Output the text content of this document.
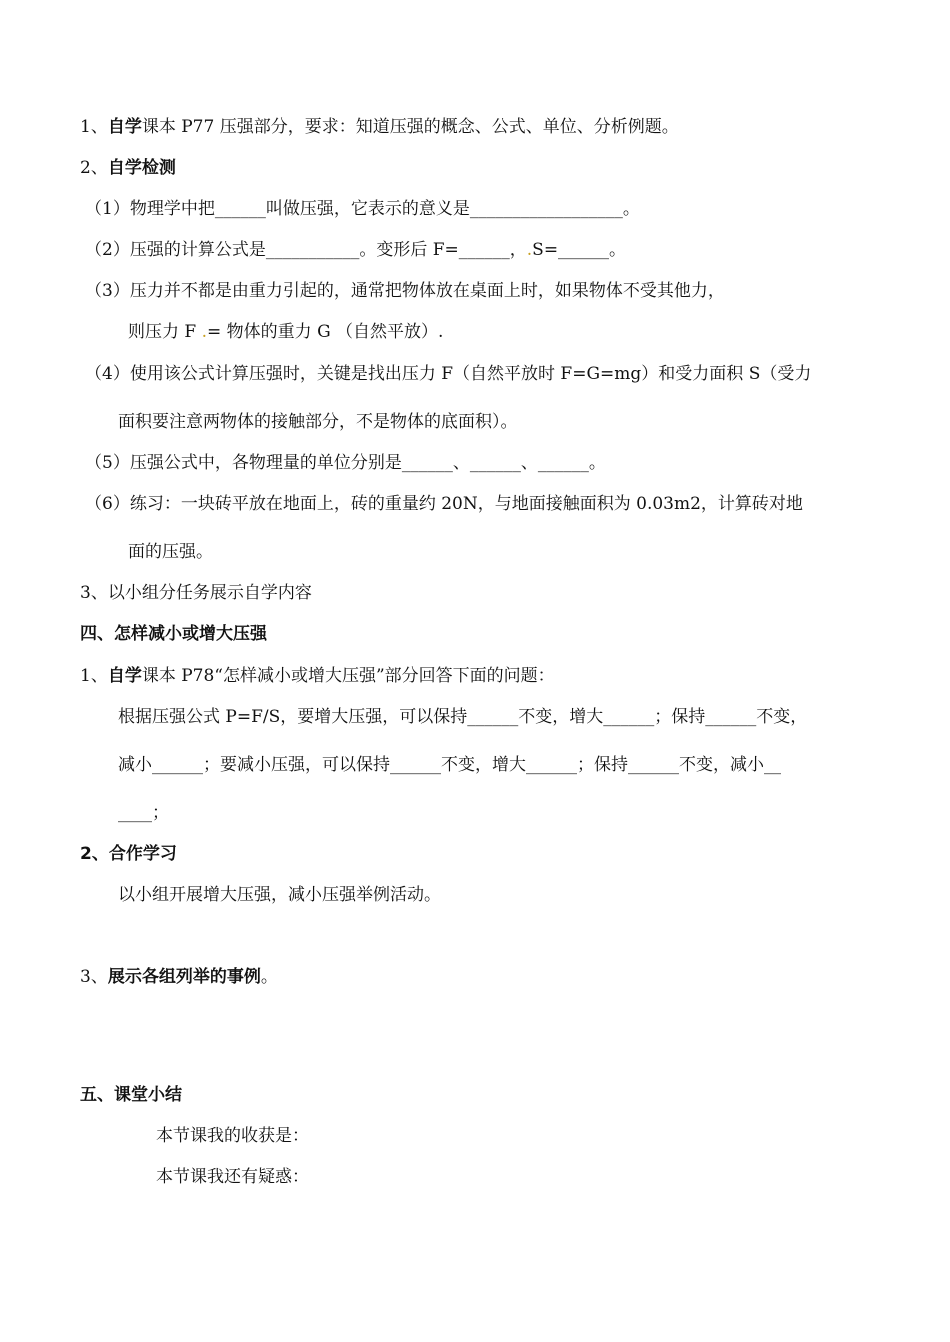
1、自学课本 P77 压强部分，要求：知道压强的概念、公式、单位、分析例题。
2、自学检测
（1）物理学中把______叫做压强，它表示的意义是__________________。
（2）压强的计算公式是___________。变形后 F=______，.S=______。
（3）压力并不都是由重力引起的，通常把物体放在桌面上时，如果物体不受其他力，
则压力 F .= 物体的重力 G （自然平放）.
（4）使用该公式计算压强时，关键是找出压力 F（自然平放时 F=G=mg）和受力面积 S（受力
面积要注意两物体的接触部分，不是物体的底面积）。
（5）压强公式中，各物理量的单位分别是______、______、______。
（6）练习：一块砖平放在地面上，砖的重量约 20N，与地面接触面积为 0.03m2，计算砖对地
面的压强。
3、以小组分任务展示自学内容
四、怎样减小或增大压强
1、自学课本 P78“怎样减小或增大压强”部分回答下面的问题：
根据压强公式 P=F/S，要增大压强，可以保持______不变，增大______；保持______不变，
减小______；要减小压强，可以保持______不变，增大______；保持______不变，减小__
____；
2、合作学习
以小组开展增大压强，减小压强举例活动。
3、展示各组列举的事例。
五、课堂小结
本节课我的收获是：
本节课我还有疑惑：
